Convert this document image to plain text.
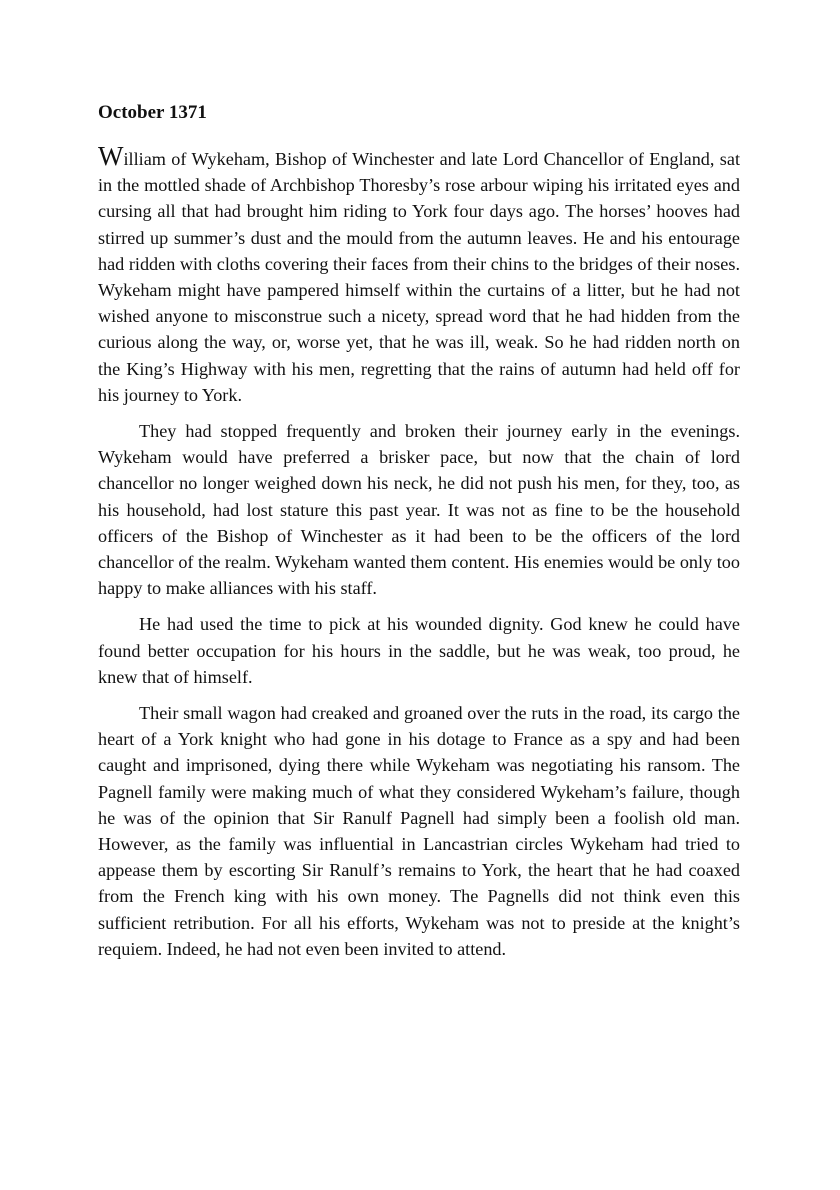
October 1371

William of Wykeham, Bishop of Winchester and late Lord Chancellor of England, sat in the mottled shade of Archbishop Thoresby’s rose arbour wiping his irritated eyes and cursing all that had brought him riding to York four days ago. The horses’ hooves had stirred up summer’s dust and the mould from the autumn leaves. He and his entourage had ridden with cloths covering their faces from their chins to the bridges of their noses. Wykeham might have pampered himself within the curtains of a litter, but he had not wished anyone to misconstrue such a nicety, spread word that he had hidden from the curious along the way, or, worse yet, that he was ill, weak. So he had ridden north on the King’s Highway with his men, regretting that the rains of autumn had held off for his journey to York.

They had stopped frequently and broken their journey early in the evenings. Wykeham would have preferred a brisker pace, but now that the chain of lord chancellor no longer weighed down his neck, he did not push his men, for they, too, as his household, had lost stature this past year. It was not as fine to be the household officers of the Bishop of Winchester as it had been to be the officers of the lord chancellor of the realm. Wykeham wanted them content. His enemies would be only too happy to make alliances with his staff.

He had used the time to pick at his wounded dignity. God knew he could have found better occupation for his hours in the saddle, but he was weak, too proud, he knew that of himself.

Their small wagon had creaked and groaned over the ruts in the road, its cargo the heart of a York knight who had gone in his dotage to France as a spy and had been caught and imprisoned, dying there while Wykeham was negotiating his ransom. The Pagnell family were making much of what they considered Wykeham’s failure, though he was of the opinion that Sir Ranulf Pagnell had simply been a foolish old man. However, as the family was influential in Lancastrian circles Wykeham had tried to appease them by escorting Sir Ranulf’s remains to York, the heart that he had coaxed from the French king with his own money. The Pagnells did not think even this sufficient retribution. For all his efforts, Wykeham was not to preside at the knight’s requiem. Indeed, he had not even been invited to attend.
